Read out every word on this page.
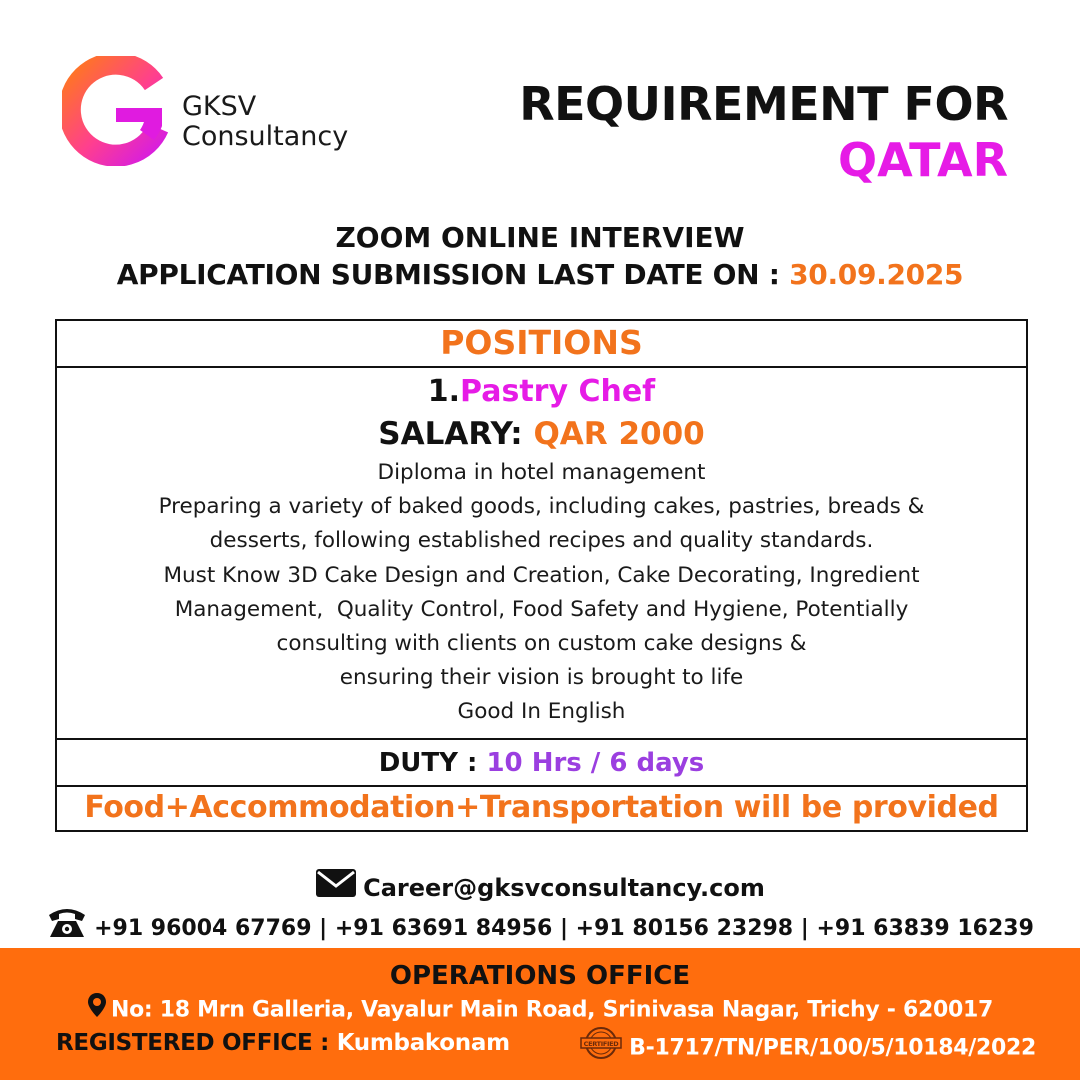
GKSV
Consultancy
REQUIREMENT FOR
QATAR
ZOOM ONLINE INTERVIEW
APPLICATION SUBMISSION LAST DATE ON : 30.09.2025
POSITIONS
1.Pastry Chef
SALARY: QAR 2000
Diploma in hotel management
Preparing a variety of baked goods, including cakes, pastries, breads &
desserts, following established recipes and quality standards.
Must Know 3D Cake Design and Creation, Cake Decorating, Ingredient
Management,  Quality Control, Food Safety and Hygiene, Potentially
consulting with clients on custom cake designs &
ensuring their vision is brought to life
Good In English
DUTY : 10 Hrs / 6 days
Food+Accommodation+Transportation will be provided
Career@gksvconsultancy.com
+91 96004 67769 | +91 63691 84956 | +91 80156 23298 | +91 63839 16239
OPERATIONS OFFICE
No: 18 Mrn Galleria, Vayalur Main Road, Srinivasa Nagar, Trichy - 620017
REGISTERED OFFICE : Kumbakonam	CERTIFIED B-1717/TN/PER/100/5/10184/2022
